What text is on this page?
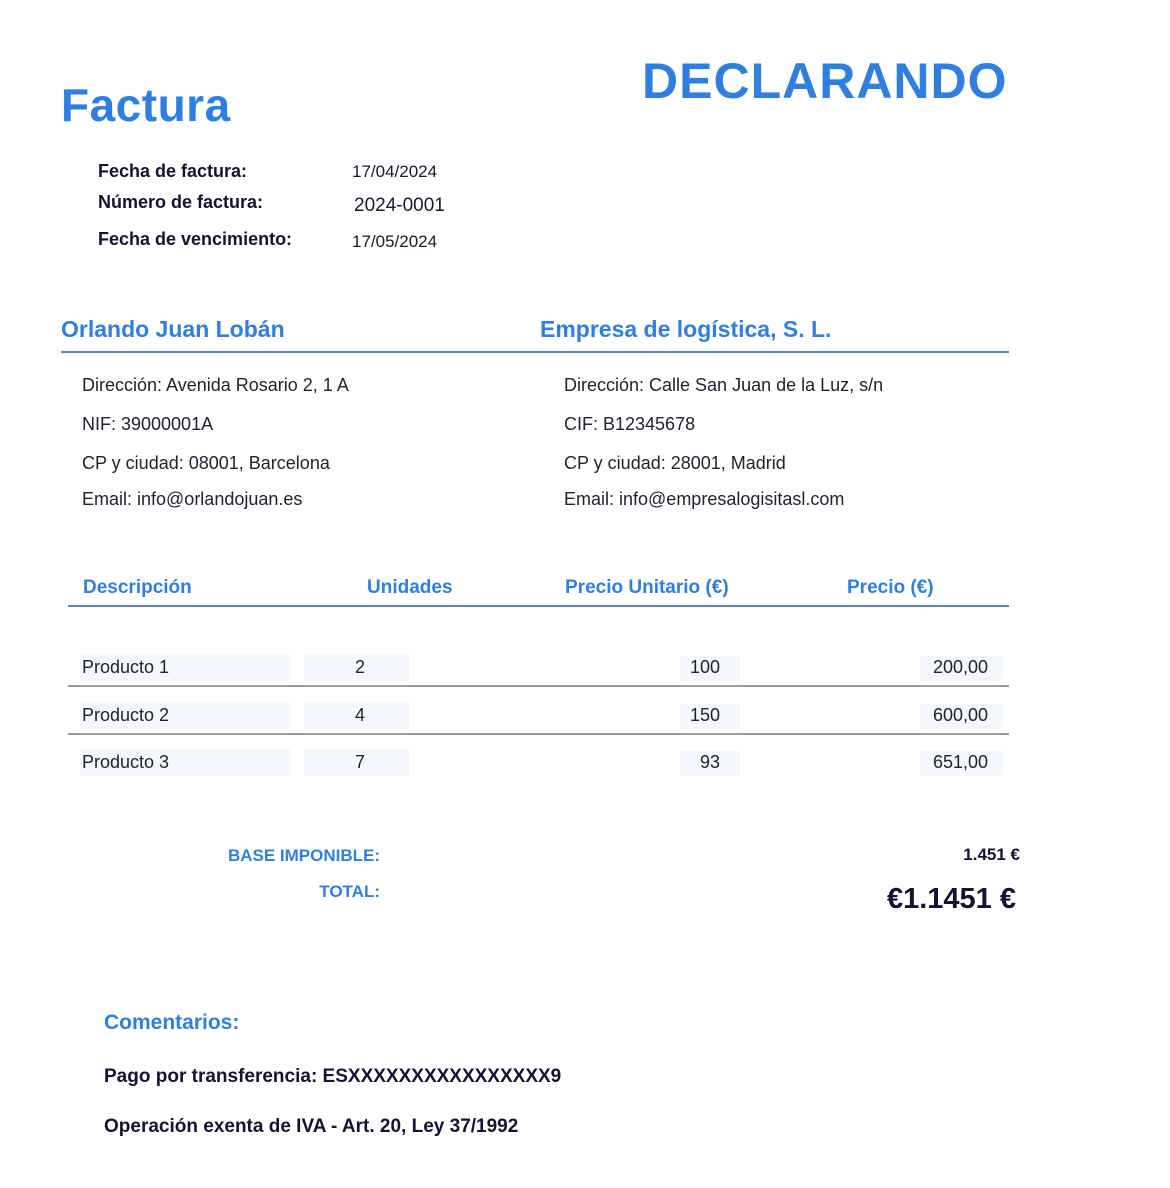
Factura	DECLARANDO
Fecha de factura:	17/04/2024
Número de factura:	2024-0001
Fecha de vencimiento:	17/05/2024
Orlando Juan Lobán	Empresa de logística, S. L.
Dirección: Avenida Rosario 2, 1 A
NIF: 39000001A
CP y ciudad: 08001, Barcelona
Email: info@orlandojuan.es
Dirección: Calle San Juan de la Luz, s/n
CIF: B12345678
CP y ciudad: 28001, Madrid
Email: info@empresalogisitasl.com
Descripción	Unidades	Precio Unitario (€)	Precio (€)
Producto 1	2	100	200,00
Producto 2	4	150	600,00
Producto 3	7	93	651,00
BASE IMPONIBLE:	1.451 €
TOTAL:	€1.1451 €
Comentarios:
Pago por transferencia: ESXXXXXXXXXXXXXXXX9
Operación exenta de IVA - Art. 20, Ley 37/1992
